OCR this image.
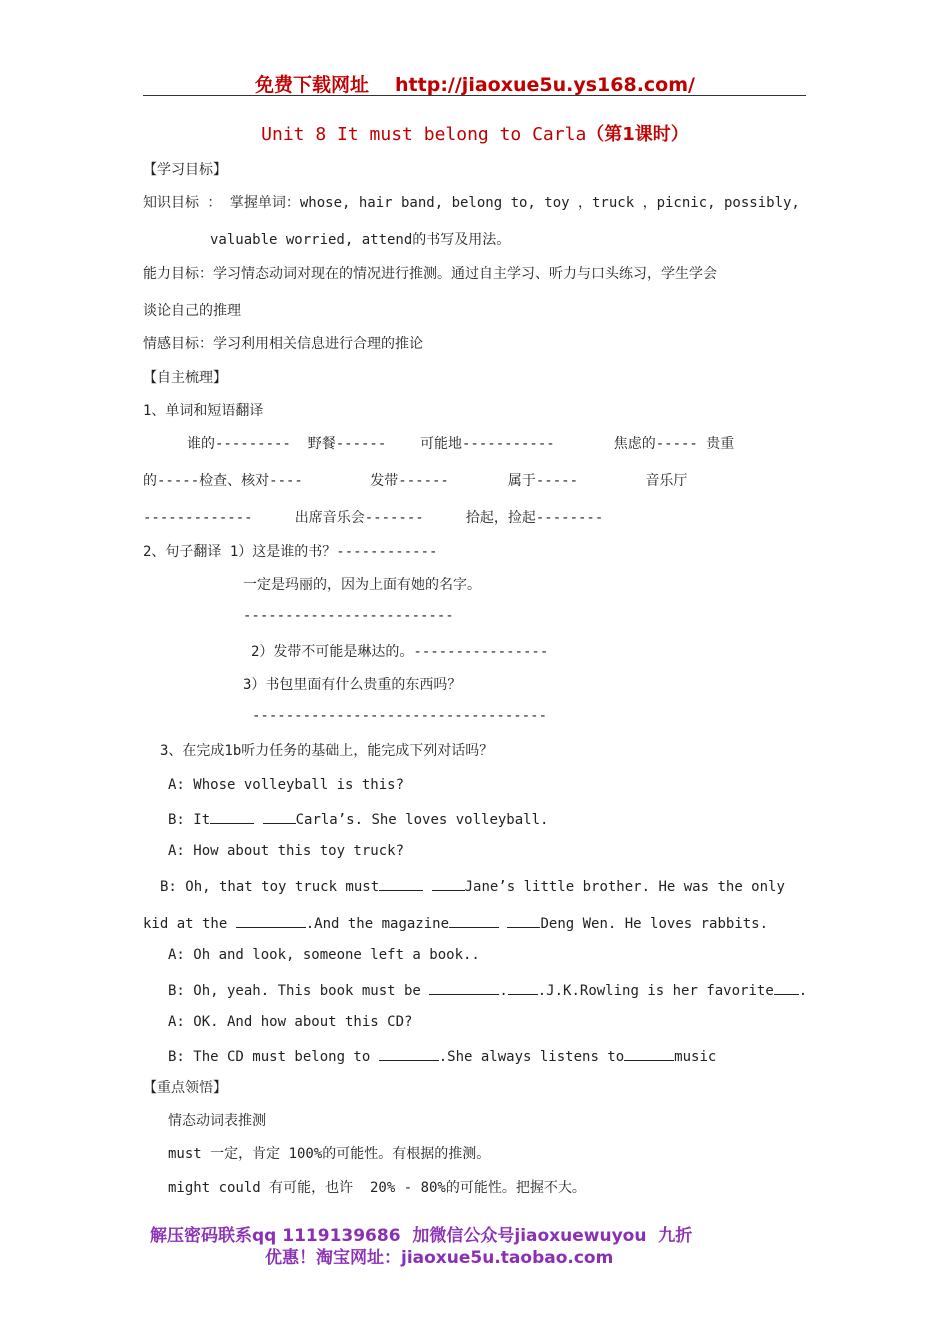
免费下载网址 http://jiaoxue5u.ys168.com/
Unit 8 It must belong to Carla（第1课时）
【学习目标】
知识目标 ： 掌握单词：whose, hair band, belong to, toy ，truck ，picnic, possibly,
valuable worried, attend的书写及用法。
能力目标：学习情态动词对现在的情况进行推测。通过自主学习、听力与口头练习，学生学会
谈论自己的推理
情感目标：学习利用相关信息进行合理的推论
【自主梳理】
1、单词和短语翻译
谁的---------  野餐------    可能地-----------       焦虑的----- 贵重
的-----检查、核对----        发带------       属于-----        音乐厅
-------------     出席音乐会-------     拾起，捡起--------
2、句子翻译 1）这是谁的书？------------
一定是玛丽的，因为上面有她的名字。
-------------------------
2）发带不可能是琳达的。----------------
3）书包里面有什么贵重的东西吗？
-----------------------------------
3、在完成1b听力任务的基础上，能完成下列对话吗？
A: Whose volleyball is this?
B: It	Carla’s. She loves volleyball.
A: How about this toy truck?
B: Oh, that toy truck must	Jane’s little brother. He was the only
kid at the	.And the magazine	Deng Wen. He loves rabbits.
A: Oh and look, someone left a book..
B: Oh, yeah. This book must be	. .J.K.Rowling is her favorite .
A: OK. And how about this CD?
B: The CD must belong to	.She always listens to	music
【重点领悟】
情态动词表推测
must 一定，肯定 100%的可能性。有根据的推测。
might could 有可能，也许  20% - 80%的可能性。把握不大。
解压密码联系qq 1119139686  加微信公众号jiaoxuewuyou  九折
优惠！淘宝网址：jiaoxue5u.taobao.com
